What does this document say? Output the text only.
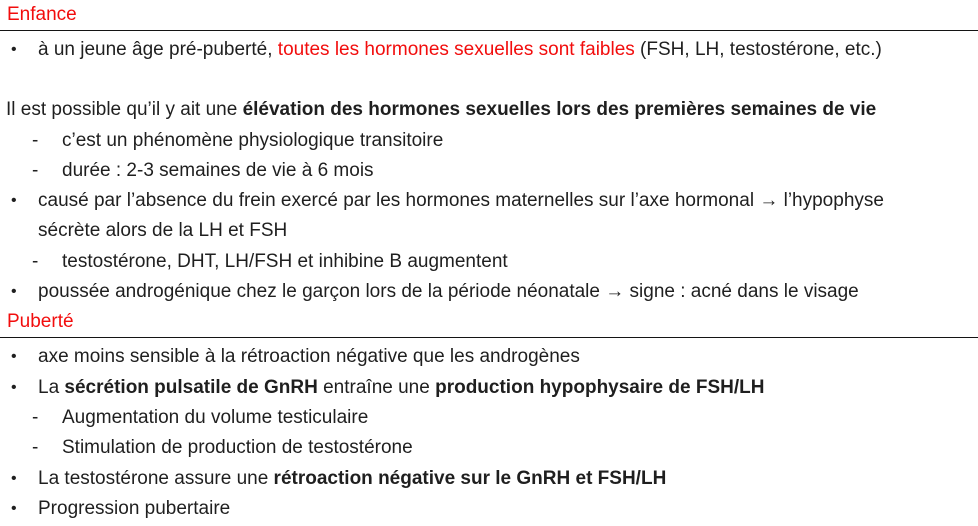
Enfance
• à un jeune âge pré-puberté, toutes les hormones sexuelles sont faibles (FSH, LH, testostérone, etc.)
Il est possible qu’il y ait une élévation des hormones sexuelles lors des premières semaines de vie
- c’est un phénomène physiologique transitoire
- durée : 2-3 semaines de vie à 6 mois
• causé par l’absence du frein exercé par les hormones maternelles sur l’axe hormonal → l’hypophyse
sécrète alors de la LH et FSH
- testostérone, DHT, LH/FSH et inhibine B augmentent
• poussée androgénique chez le garçon lors de la période néonatale → signe : acné dans le visage
Puberté
• axe moins sensible à la rétroaction négative que les androgènes
• La sécrétion pulsatile de GnRH entraîne une production hypophysaire de FSH/LH
- Augmentation du volume testiculaire
- Stimulation de production de testostérone
• La testostérone assure une rétroaction négative sur le GnRH et FSH/LH
• Progression pubertaire
